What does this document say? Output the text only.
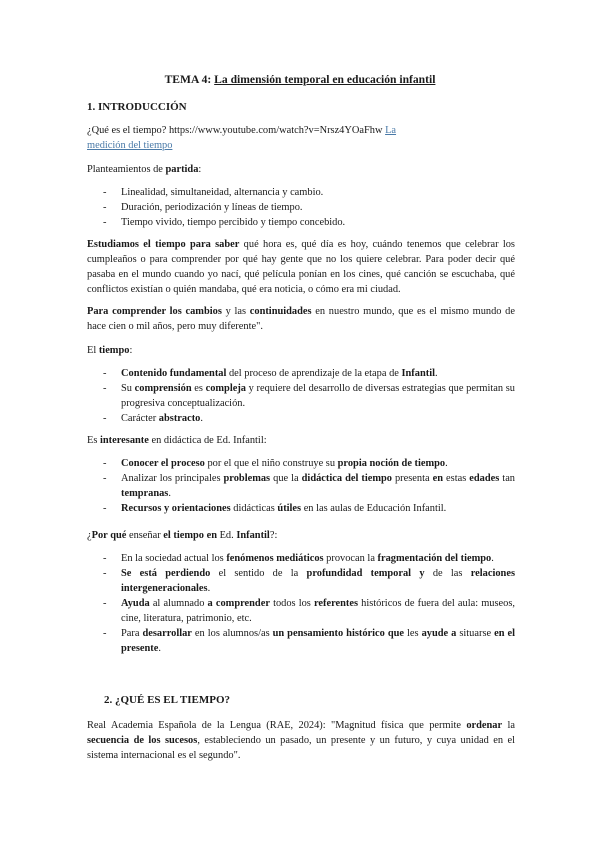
TEMA 4: La dimensión temporal en educación infantil
1. INTRODUCCIÓN
¿Qué es el tiempo? https://www.youtube.com/watch?v=Nrsz4YOaFhw La
medición del tiempo
Planteamientos de partida:
- Linealidad, simultaneidad, alternancia y cambio.
- Duración, periodización y líneas de tiempo.
- Tiempo vivido, tiempo percibido y tiempo concebido.
Estudiamos el tiempo para saber qué hora es, qué día es hoy, cuándo tenemos que celebrar los cumpleaños o para comprender por qué hay gente que no los quiere celebrar. Para poder decir qué pasaba en el mundo cuando yo nací, qué película ponían en los cines, qué canción se escuchaba, qué conflictos existían o quién mandaba, qué era noticia, o cómo era mi ciudad.
Para comprender los cambios y las continuidades en nuestro mundo, que es el mismo mundo de hace cien o mil años, pero muy diferente".
El tiempo:
- Contenido fundamental del proceso de aprendizaje de la etapa de Infantil.
- Su comprensión es compleja y requiere del desarrollo de diversas estrategias que permitan su progresiva conceptualización.
- Carácter abstracto.
Es interesante en didáctica de Ed. Infantil:
- Conocer el proceso por el que el niño construye su propia noción de tiempo.
- Analizar los principales problemas que la didáctica del tiempo presenta en estas edades tan tempranas.
- Recursos y orientaciones didácticas útiles en las aulas de Educación Infantil.
¿Por qué enseñar el tiempo en Ed. Infantil?:
- En la sociedad actual los fenómenos mediáticos provocan la fragmentación del tiempo.
- Se está perdiendo el sentido de la profundidad temporal y de las relaciones intergeneracionales.
- Ayuda al alumnado a comprender todos los referentes históricos de fuera del aula: museos, cine, literatura, patrimonio, etc.
- Para desarrollar en los alumnos/as un pensamiento histórico que les ayude a situarse en el presente.
2. ¿QUÉ ES EL TIEMPO?
Real Academia Española de la Lengua (RAE, 2024): "Magnitud física que permite ordenar la secuencia de los sucesos, estableciendo un pasado, un presente y un futuro, y cuya unidad en el sistema internacional es el segundo".
